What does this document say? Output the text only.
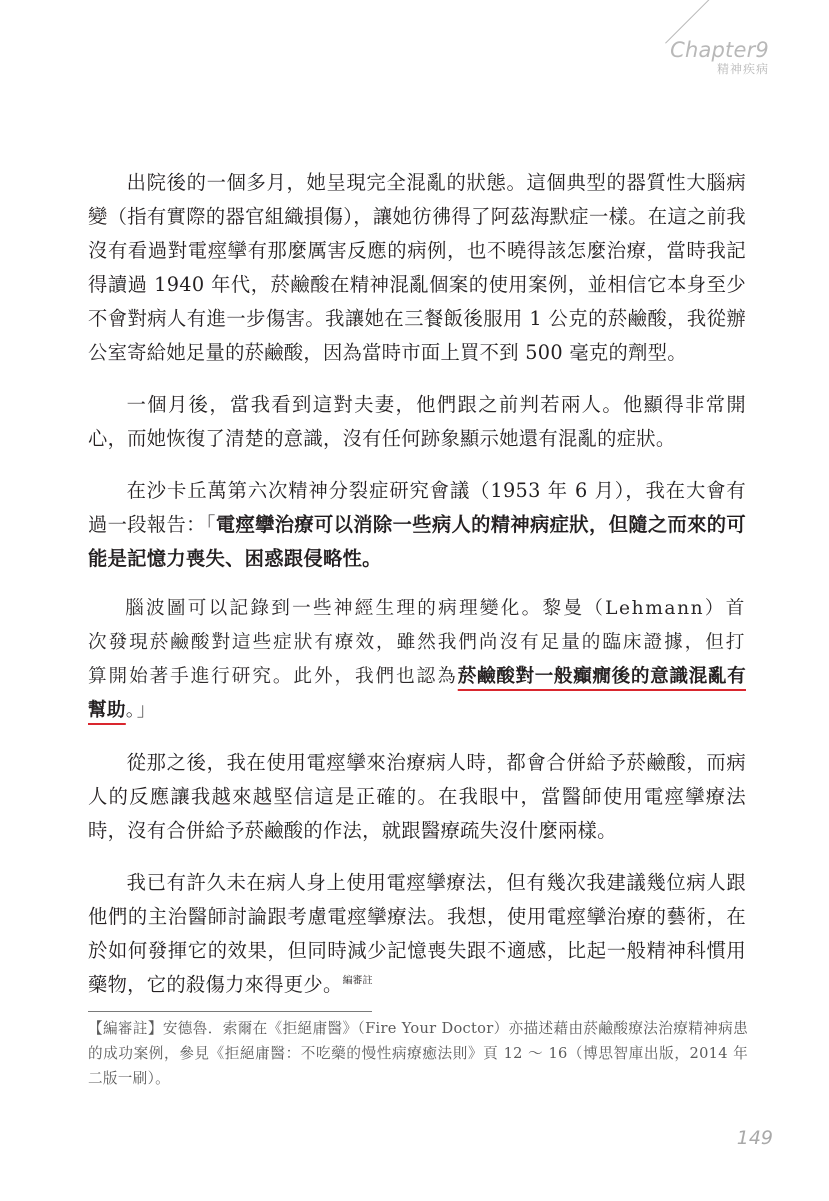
Chapter9
精神疾病

出院後的一個多月，她呈現完全混亂的狀態。這個典型的器質性大腦病變（指有實際的器官組織損傷），讓她彷彿得了阿茲海默症一樣。在這之前我沒有看過對電痙攣有那麼厲害反應的病例，也不曉得該怎麼治療，當時我記得讀過 1940 年代，菸鹼酸在精神混亂個案的使用案例，並相信它本身至少不會對病人有進一步傷害。我讓她在三餐飯後服用 1 公克的菸鹼酸，我從辦公室寄給她足量的菸鹼酸，因為當時市面上買不到 500 毫克的劑型。

一個月後，當我看到這對夫妻，他們跟之前判若兩人。他顯得非常開心，而她恢復了清楚的意識，沒有任何跡象顯示她還有混亂的症狀。

在沙卡丘萬第六次精神分裂症研究會議（1953 年 6 月），我在大會有過一段報告：「電痙攣治療可以消除一些病人的精神病症狀，但隨之而來的可能是記憶力喪失、困惑跟侵略性。

腦波圖可以記錄到一些神經生理的病理變化。黎曼（Lehmann）首次發現菸鹼酸對這些症狀有療效，雖然我們尚沒有足量的臨床證據，但打算開始著手進行研究。此外，我們也認為菸鹼酸對一般癲癇後的意識混亂有幫助。」

從那之後，我在使用電痙攣來治療病人時，都會合併給予菸鹼酸，而病人的反應讓我越來越堅信這是正確的。在我眼中，當醫師使用電痙攣療法時，沒有合併給予菸鹼酸的作法，就跟醫療疏失沒什麼兩樣。

我已有許久未在病人身上使用電痙攣療法，但有幾次我建議幾位病人跟他們的主治醫師討論跟考慮電痙攣療法。我想，使用電痙攣治療的藝術，在於如何發揮它的效果，但同時減少記憶喪失跟不適感，比起一般精神科慣用藥物，它的殺傷力來得更少。$^{編審註}$

【編審註】安德魯．索爾在《拒絕庸醫》（Fire Your Doctor）亦描述藉由菸鹼酸療法治療精神病患的成功案例，參見《拒絕庸醫：不吃藥的慢性病療癒法則》頁 12 ～ 16（博思智庫出版，2014 年二版一刷）。

149
